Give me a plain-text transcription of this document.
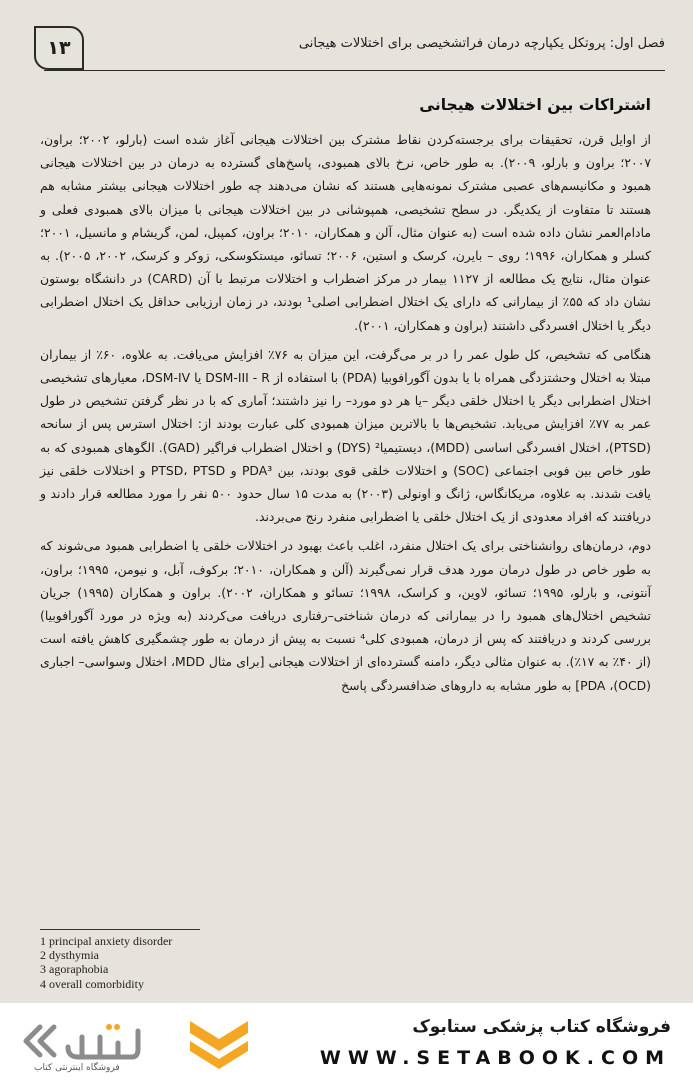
۱۳	فصل اول: پروتکل یکپارچه درمان فراتشخیصی برای اختلالات هیجانی
اشتراکات بین اختلالات هیجانی

از اوایل قرن، تحقیقات برای برجسته‌کردن نقاط مشترک بین اختلالات هیجانی آغاز شده است (بارلو، ۲۰۰۲؛ براون، ۲۰۰۷؛ براون و بارلو، ۲۰۰۹). به طور خاص، نرخ بالای همبودی، پاسخ‌های گسترده به درمان در بین اختلالات هیجانی همبود و مکانیسم‌های عصبی مشترک نمونه‌هایی هستند که نشان می‌دهند چه طور اختلالات هیجانی بیشتر مشابه هم هستند تا متفاوت از یکدیگر. در سطح تشخیصی، همپوشانی در بین اختلالات هیجانی با میزان بالای همبودی فعلی و مادام‌العمر نشان داده شده است (به عنوان مثال، آلن و همکاران، ۲۰۱۰؛ براون، کمپبل، لمن، گریشام و مانسیل، ۲۰۰۱؛ کسلر و همکاران، ۱۹۹۶؛ روی – بایرن، کرسک و استین، ۲۰۰۶؛ تسائو، میستکوسکی، زوکر و کرسک، ۲۰۰۲، ۲۰۰۵). به عنوان مثال، نتایج یک مطالعه از ۱۱۲۷ بیمار در مرکز اضطراب و اختلالات مرتبط با آن (CARD) در دانشگاه بوستون نشان داد که ۵۵٪ از بیمارانی که دارای یک اختلال اضطرابی اصلی¹ بودند، در زمان ارزیابی حداقل یک اختلال اضطرابی دیگر یا اختلال افسردگی داشتند (براون و همکاران، ۲۰۰۱).

هنگامی که تشخیص، کل طول عمر را در بر می‌گرفت، این میزان به ۷۶٪ افزایش می‌یافت. به علاوه، ۶۰٪ از بیماران مبتلا به اختلال وحشتزدگی همراه با یا بدون آگورافوبیا (PDA) با استفاده از DSM-III - R یا DSM-IV، معیارهای تشخیصی اختلال اضطرابی دیگر یا اختلال خلقی دیگر –یا هر دو مورد– را نیز داشتند؛ آماری که با در نظر گرفتن تشخیص در طول عمر به ۷۷٪ افزایش می‌یابد. تشخیص‌ها با بالاترین میزان همبودی کلی عبارت بودند از: اختلال استرس پس از سانحه (PTSD)، اختلال افسردگی اساسی (MDD)، دیستیمیا² (DYS) و اختلال اضطراب فراگیر (GAD). الگوهای همبودی که به طور خاص بین فوبی اجتماعی (SOC) و اختلالات خلقی قوی بودند، بین PDA³ و PTSD، PTSD و اختلالات خلقی نیز یافت شدند. به علاوه، مریکانگاس، ژانگ و اونولی (۲۰۰۳) به مدت ۱۵ سال حدود ۵۰۰ نفر را مورد مطالعه قرار دادند و دریافتند که افراد معدودی از یک اختلال خلقی یا اضطرابی منفرد رنج می‌بردند.

دوم، درمان‌های روانشناختی برای یک اختلال منفرد، اغلب باعث بهبود در اختلالات خلقی یا اضطرابی همبود می‌شوند که به طور خاص در طول درمان مورد هدف قرار نمی‌گیرند (آلن و همکاران، ۲۰۱۰؛ برکوف، آبل، و نیومن، ۱۹۹۵؛ براون، آنتونی، و بارلو، ۱۹۹۵؛ تسائو، لاوین، و کراسک، ۱۹۹۸؛ تسائو و همکاران، ۲۰۰۲). براون و همکاران (۱۹۹۵) جریان تشخیص اختلال‌های همبود را در بیمارانی که درمان شناختی–رفتاری دریافت می‌کردند (به ویژه در مورد آگورافوبیا) بررسی کردند و دریافتند که پس از درمان، همبودی کلی⁴ نسبت به پیش از درمان به طور چشمگیری کاهش یافته است (از ۴۰٪ به ۱۷٪). به عنوان مثالی دیگر، دامنه گسترده‌ای از اختلالات هیجانی [برای مثال MDD، اختلال وسواسی– اجباری (OCD)، PDA] به طور مشابه به داروهای ضدافسردگی پاسخ

1 principal anxiety disorder
2 dysthymia
3 agoraphobia
4 overall comorbidity
فروشگاه اینترنتی کتاب
فروشگاه کتاب پزشکی ستابوک
WWW.SETABOOK.COM
